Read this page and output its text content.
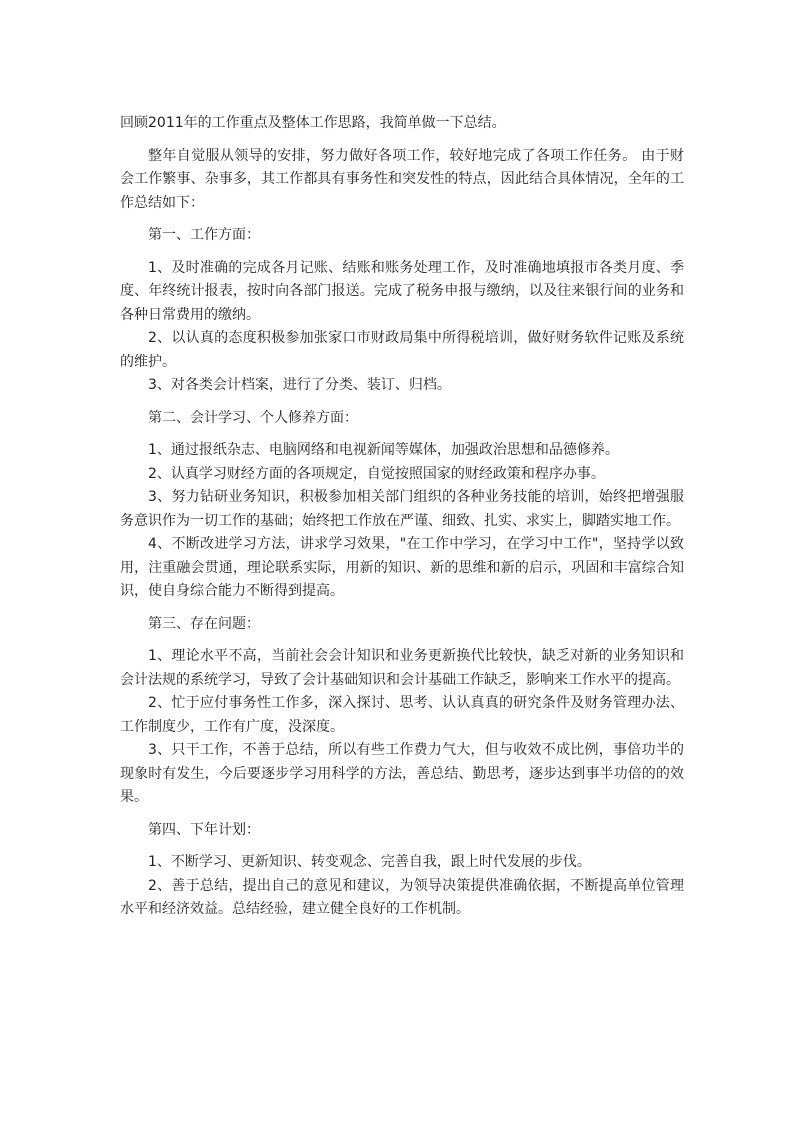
回顾2011年的工作重点及整体工作思路，我简单做一下总结。

整年自觉服从领导的安排，努力做好各项工作，较好地完成了各项工作任务。 由于财会工作繁事、杂事多，其工作都具有事务性和突发性的特点，因此结合具体情况，全年的工作总结如下：

第一、工作方面：

1、及时准确的完成各月记账、结账和账务处理工作，及时准确地填报市各类月度、季度、年终统计报表，按时向各部门报送。完成了税务申报与缴纳，以及往来银行间的业务和各种日常费用的缴纳。

2、以认真的态度积极参加张家口市财政局集中所得税培训，做好财务软件记账及系统的维护。

3、对各类会计档案，进行了分类、装订、归档。

第二、会计学习、个人修养方面：

1、通过报纸杂志、电脑网络和电视新闻等媒体，加强政治思想和品德修养。

2、认真学习财经方面的各项规定，自觉按照国家的财经政策和程序办事。

3、努力钻研业务知识，积极参加相关部门组织的各种业务技能的培训，始终把增强服务意识作为一切工作的基础；始终把工作放在严谨、细致、扎实、求实上，脚踏实地工作。

4、不断改进学习方法，讲求学习效果，"在工作中学习，在学习中工作"，坚持学以致用，注重融会贯通，理论联系实际，用新的知识、新的思维和新的启示，巩固和丰富综合知识，使自身综合能力不断得到提高。

第三、存在问题：

1、理论水平不高，当前社会会计知识和业务更新换代比较快，缺乏对新的业务知识和会计法规的系统学习，导致了会计基础知识和会计基础工作缺乏，影响来工作水平的提高。

2、忙于应付事务性工作多，深入探讨、思考、认认真真的研究条件及财务管理办法、工作制度少，工作有广度，没深度。

3、只干工作，不善于总结，所以有些工作费力气大，但与收效不成比例，事倍功半的现象时有发生，今后要逐步学习用科学的方法，善总结、勤思考，逐步达到事半功倍的的效果。

第四、下年计划：

1、不断学习、更新知识、转变观念、完善自我，跟上时代发展的步伐。

2、善于总结，提出自己的意见和建议，为领导决策提供准确依据，不断提高单位管理水平和经济效益。总结经验，建立健全良好的工作机制。
